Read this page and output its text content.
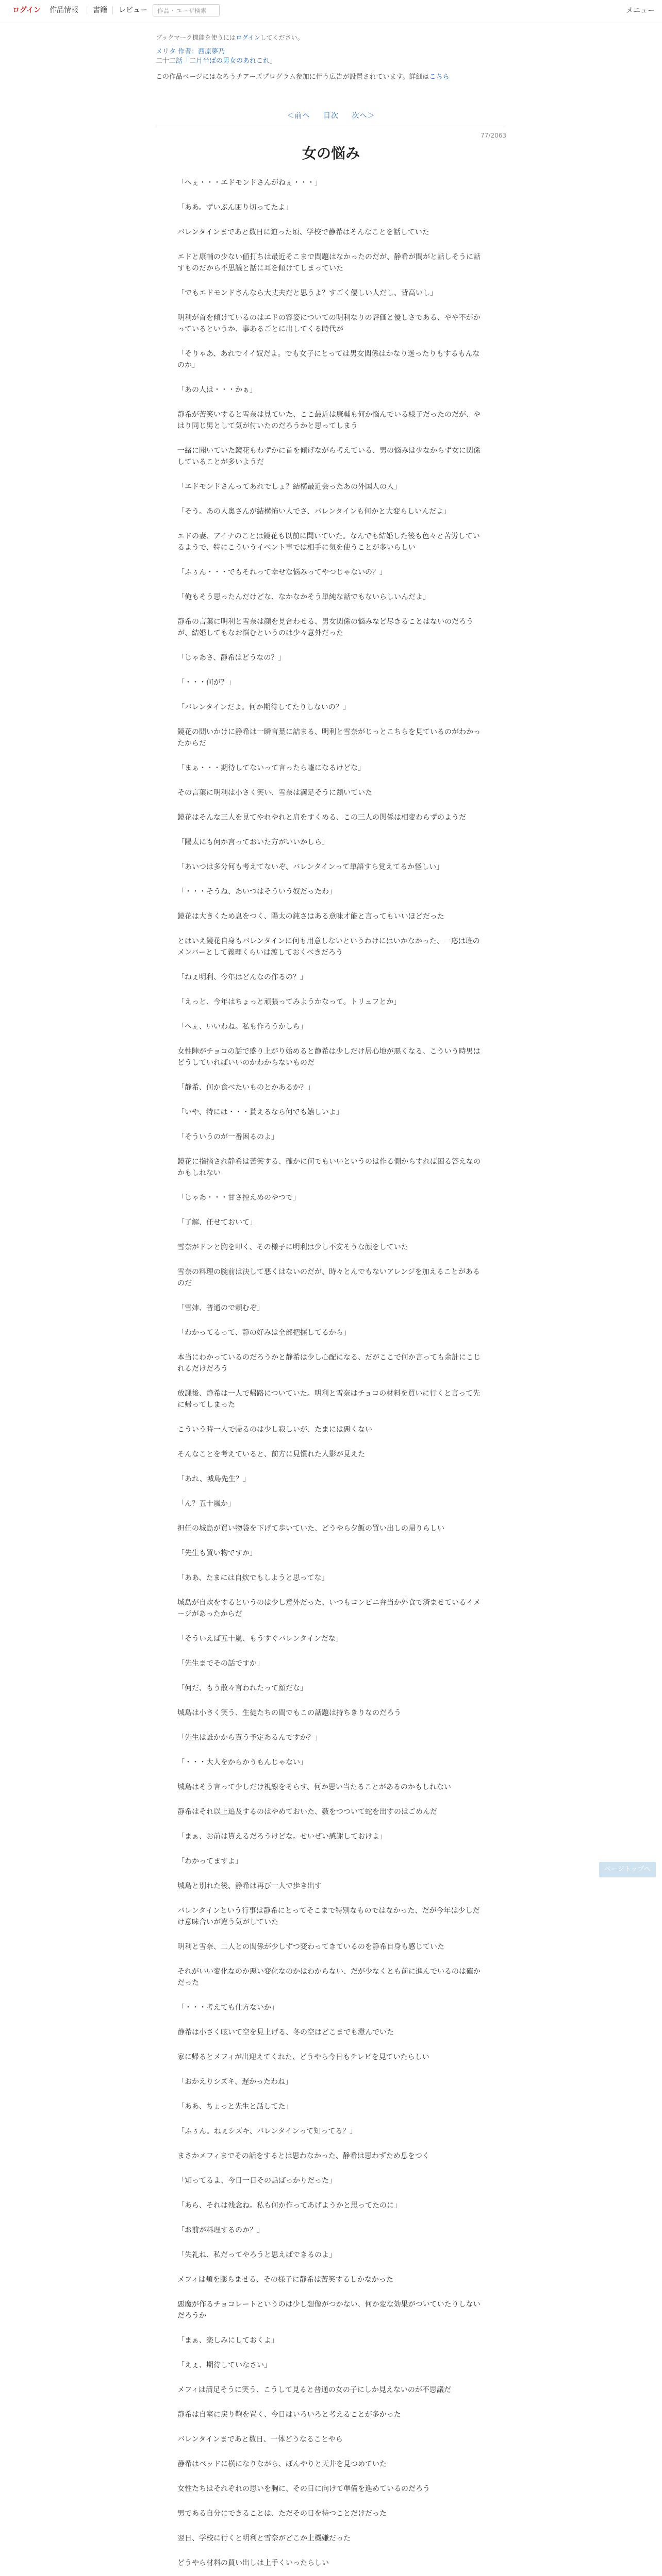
ログイン	作品情報 書籍 レビュー	作品・ユーザ検索	メニュー
ブックマーク機能を使うにはログインしてください。
メリタ 作者：西原夢乃
二十二話「二月半ばの男女のあれこれ」
この作品ページにはなろうチアーズプログラム参加に伴う広告が設置されています。詳細はこちら
＜前へ 目次 次へ＞
77/2063
女の悩み

「へぇ・・・エドモンドさんがねぇ・・・」

「ああ。ずいぶん困り切ってたよ」

バレンタインまであと数日に迫った頃、学校で静希はそんなことを話していた

エドと康輔の少ない値打ちは最近そこまで問題はなかったのだが、静希が間がと話しそうに話すものだから不思議と話に耳を傾けてしまっていた

「でもエドモンドさんなら大丈夫だと思うよ？すごく優しい人だし、背高いし」

明利が首を傾けているのはエドの容姿についての明利なりの評価と優しさである、やや不がかっているというか、事あるごとに出してくる時代が

「そりゃあ、あれでイイ奴だよ。でも女子にとっては男女関係はかなり迷ったりもするもんなのか」

「あの人は・・・かぁ」

静希が苦笑いすると雪奈は見ていた、ここ最近は康輔も何か悩んでいる様子だったのだが、やはり同じ男として気が付いたのだろうかと思ってしまう

一緒に聞いていた鏡花もわずかに首を傾げながら考えている、男の悩みは少なからず女に関係していることが多いようだ

「エドモンドさんってあれでしょ？結構最近会ったあの外国人の人」

「そう。あの人奥さんが結構怖い人でさ、バレンタインも何かと大変らしいんだよ」

エドの妻、アイナのことは鏡花も以前に聞いていた。なんでも結婚した後も色々と苦労しているようで、特にこういうイベント事では相手に気を使うことが多いらしい

「ふぅん・・・でもそれって幸せな悩みってやつじゃないの？」

「俺もそう思ったんだけどな、なかなかそう単純な話でもないらしいんだよ」

静希の言葉に明利と雪奈は顔を見合わせる、男女関係の悩みなど尽きることはないのだろうが、結婚してもなお悩むというのは少々意外だった

「じゃあさ、静希はどうなの？」

「・・・何が？」

「バレンタインだよ。何か期待してたりしないの？」

鏡花の問いかけに静希は一瞬言葉に詰まる、明利と雪奈がじっとこちらを見ているのがわかったからだ

「まぁ・・・期待してないって言ったら嘘になるけどな」

その言葉に明利は小さく笑い、雪奈は満足そうに頷いていた

鏡花はそんな三人を見てやれやれと肩をすくめる、この三人の関係は相変わらずのようだ

「陽太にも何か言っておいた方がいいかしら」

「あいつは多分何も考えてないぞ、バレンタインって単語すら覚えてるか怪しい」

「・・・そうね、あいつはそういう奴だったわ」

鏡花は大きくため息をつく、陽太の鈍さはある意味才能と言ってもいいほどだった

とはいえ鏡花自身もバレンタインに何も用意しないというわけにはいかなかった、一応は班のメンバーとして義理くらいは渡しておくべきだろう

「ねぇ明利、今年はどんなの作るの？」

「えっと、今年はちょっと頑張ってみようかなって。トリュフとか」

「へぇ、いいわね。私も作ろうかしら」

女性陣がチョコの話で盛り上がり始めると静希は少しだけ居心地が悪くなる、こういう時男はどうしていればいいのかわからないものだ

「静希、何か食べたいものとかあるか？」

「いや、特には・・・貰えるなら何でも嬉しいよ」

「そういうのが一番困るのよ」

鏡花に指摘され静希は苦笑する、確かに何でもいいというのは作る側からすれば困る答えなのかもしれない

「じゃあ・・・甘さ控えめのやつで」

「了解、任せておいて」

雪奈がドンと胸を叩く、その様子に明利は少し不安そうな顔をしていた

雪奈の料理の腕前は決して悪くはないのだが、時々とんでもないアレンジを加えることがあるのだ

「雪姉、普通ので頼むぞ」

「わかってるって、静の好みは全部把握してるから」

本当にわかっているのだろうかと静希は少し心配になる、だがここで何か言っても余計にこじれるだけだろう

放課後、静希は一人で帰路についていた。明利と雪奈はチョコの材料を買いに行くと言って先に帰ってしまった

こういう時一人で帰るのは少し寂しいが、たまには悪くない

そんなことを考えていると、前方に見慣れた人影が見えた

「あれ、城島先生？」

「ん？五十嵐か」

担任の城島が買い物袋を下げて歩いていた、どうやら夕飯の買い出しの帰りらしい

「先生も買い物ですか」

「ああ、たまには自炊でもしようと思ってな」

城島が自炊をするというのは少し意外だった、いつもコンビニ弁当か外食で済ませているイメージがあったからだ

「そういえば五十嵐、もうすぐバレンタインだな」

「先生までその話ですか」

「何だ、もう散々言われたって顔だな」

城島は小さく笑う、生徒たちの間でもこの話題は持ちきりなのだろう

「先生は誰かから貰う予定あるんですか？」

「・・・大人をからかうもんじゃない」

城島はそう言って少しだけ視線をそらす、何か思い当たることがあるのかもしれない

静希はそれ以上追及するのはやめておいた、藪をつついて蛇を出すのはごめんだ

「まぁ、お前は貰えるだろうけどな。せいぜい感謝しておけよ」

「わかってますよ」

城島と別れた後、静希は再び一人で歩き出す

バレンタインという行事は静希にとってそこまで特別なものではなかった、だが今年は少しだけ意味合いが違う気がしていた

明利と雪奈、二人との関係が少しずつ変わってきているのを静希自身も感じていた

それがいい変化なのか悪い変化なのかはわからない、だが少なくとも前に進んでいるのは確かだった

「・・・考えても仕方ないか」

静希は小さく呟いて空を見上げる、冬の空はどこまでも澄んでいた

家に帰るとメフィが出迎えてくれた、どうやら今日もテレビを見ていたらしい

「おかえりシズキ、遅かったわね」

「ああ、ちょっと先生と話してた」

「ふぅん。ねぇシズキ、バレンタインって知ってる？」

まさかメフィまでその話をするとは思わなかった、静希は思わずため息をつく

「知ってるよ、今日一日その話ばっかりだった」

「あら、それは残念ね。私も何か作ってあげようかと思ってたのに」

「お前が料理するのか？」

「失礼ね、私だってやろうと思えばできるのよ」

メフィは頬を膨らませる、その様子に静希は苦笑するしかなかった

悪魔が作るチョコレートというのは少し想像がつかない、何か変な効果がついていたりしないだろうか

「まぁ、楽しみにしておくよ」

「えぇ、期待していなさい」

メフィは満足そうに笑う、こうして見ると普通の女の子にしか見えないのが不思議だ

静希は自室に戻り鞄を置く、今日はいろいろと考えることが多かった

バレンタインまであと数日、一体どうなることやら

静希はベッドに横になりながら、ぼんやりと天井を見つめていた

女性たちはそれぞれの思いを胸に、その日に向けて準備を進めているのだろう

男である自分にできることは、ただその日を待つことだけだった

翌日、学校に行くと明利と雪奈がどこか上機嫌だった

どうやら材料の買い出しは上手くいったらしい

ページトップへ
